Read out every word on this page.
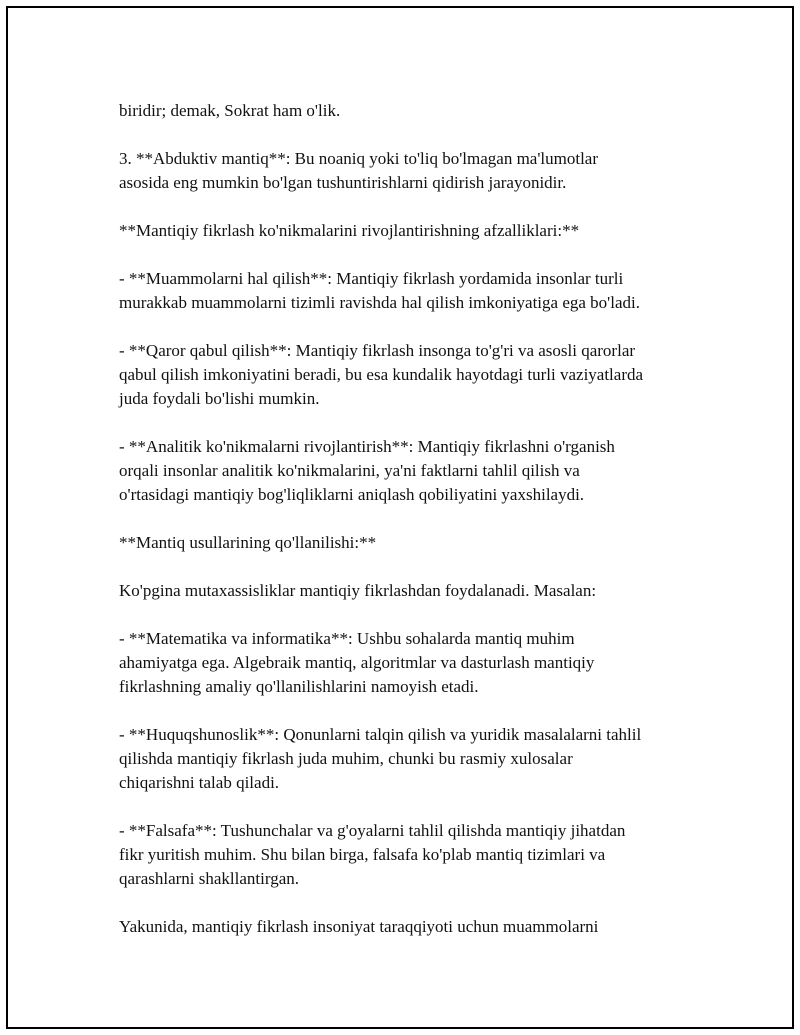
biridir; demak, Sokrat ham o'lik.

3. **Abduktiv mantiq**: Bu noaniq yoki to'liq bo'lmagan ma'lumotlar
asosida eng mumkin bo'lgan tushuntirishlarni qidirish jarayonidir.

**Mantiqiy fikrlash ko'nikmalarini rivojlantirishning afzalliklari:**

- **Muammolarni hal qilish**: Mantiqiy fikrlash yordamida insonlar turli
murakkab muammolarni tizimli ravishda hal qilish imkoniyatiga ega bo'ladi.

- **Qaror qabul qilish**: Mantiqiy fikrlash insonga to'g'ri va asosli qarorlar
qabul qilish imkoniyatini beradi, bu esa kundalik hayotdagi turli vaziyatlarda
juda foydali bo'lishi mumkin.

- **Analitik ko'nikmalarni rivojlantirish**: Mantiqiy fikrlashni o'rganish
orqali insonlar analitik ko'nikmalarini, ya'ni faktlarni tahlil qilish va
o'rtasidagi mantiqiy bog'liqliklarni aniqlash qobiliyatini yaxshilaydi.

**Mantiq usullarining qo'llanilishi:**

Ko'pgina mutaxassisliklar mantiqiy fikrlashdan foydalanadi. Masalan:

- **Matematika va informatika**: Ushbu sohalarda mantiq muhim
ahamiyatga ega. Algebraik mantiq, algoritmlar va dasturlash mantiqiy
fikrlashning amaliy qo'llanilishlarini namoyish etadi.

- **Huquqshunoslik**: Qonunlarni talqin qilish va yuridik masalalarni tahlil
qilishda mantiqiy fikrlash juda muhim, chunki bu rasmiy xulosalar
chiqarishni talab qiladi.

- **Falsafa**: Tushunchalar va g'oyalarni tahlil qilishda mantiqiy jihatdan
fikr yuritish muhim. Shu bilan birga, falsafa ko'plab mantiq tizimlari va
qarashlarni shakllantirgan.

Yakunida, mantiqiy fikrlash insoniyat taraqqiyoti uchun muammolarni
